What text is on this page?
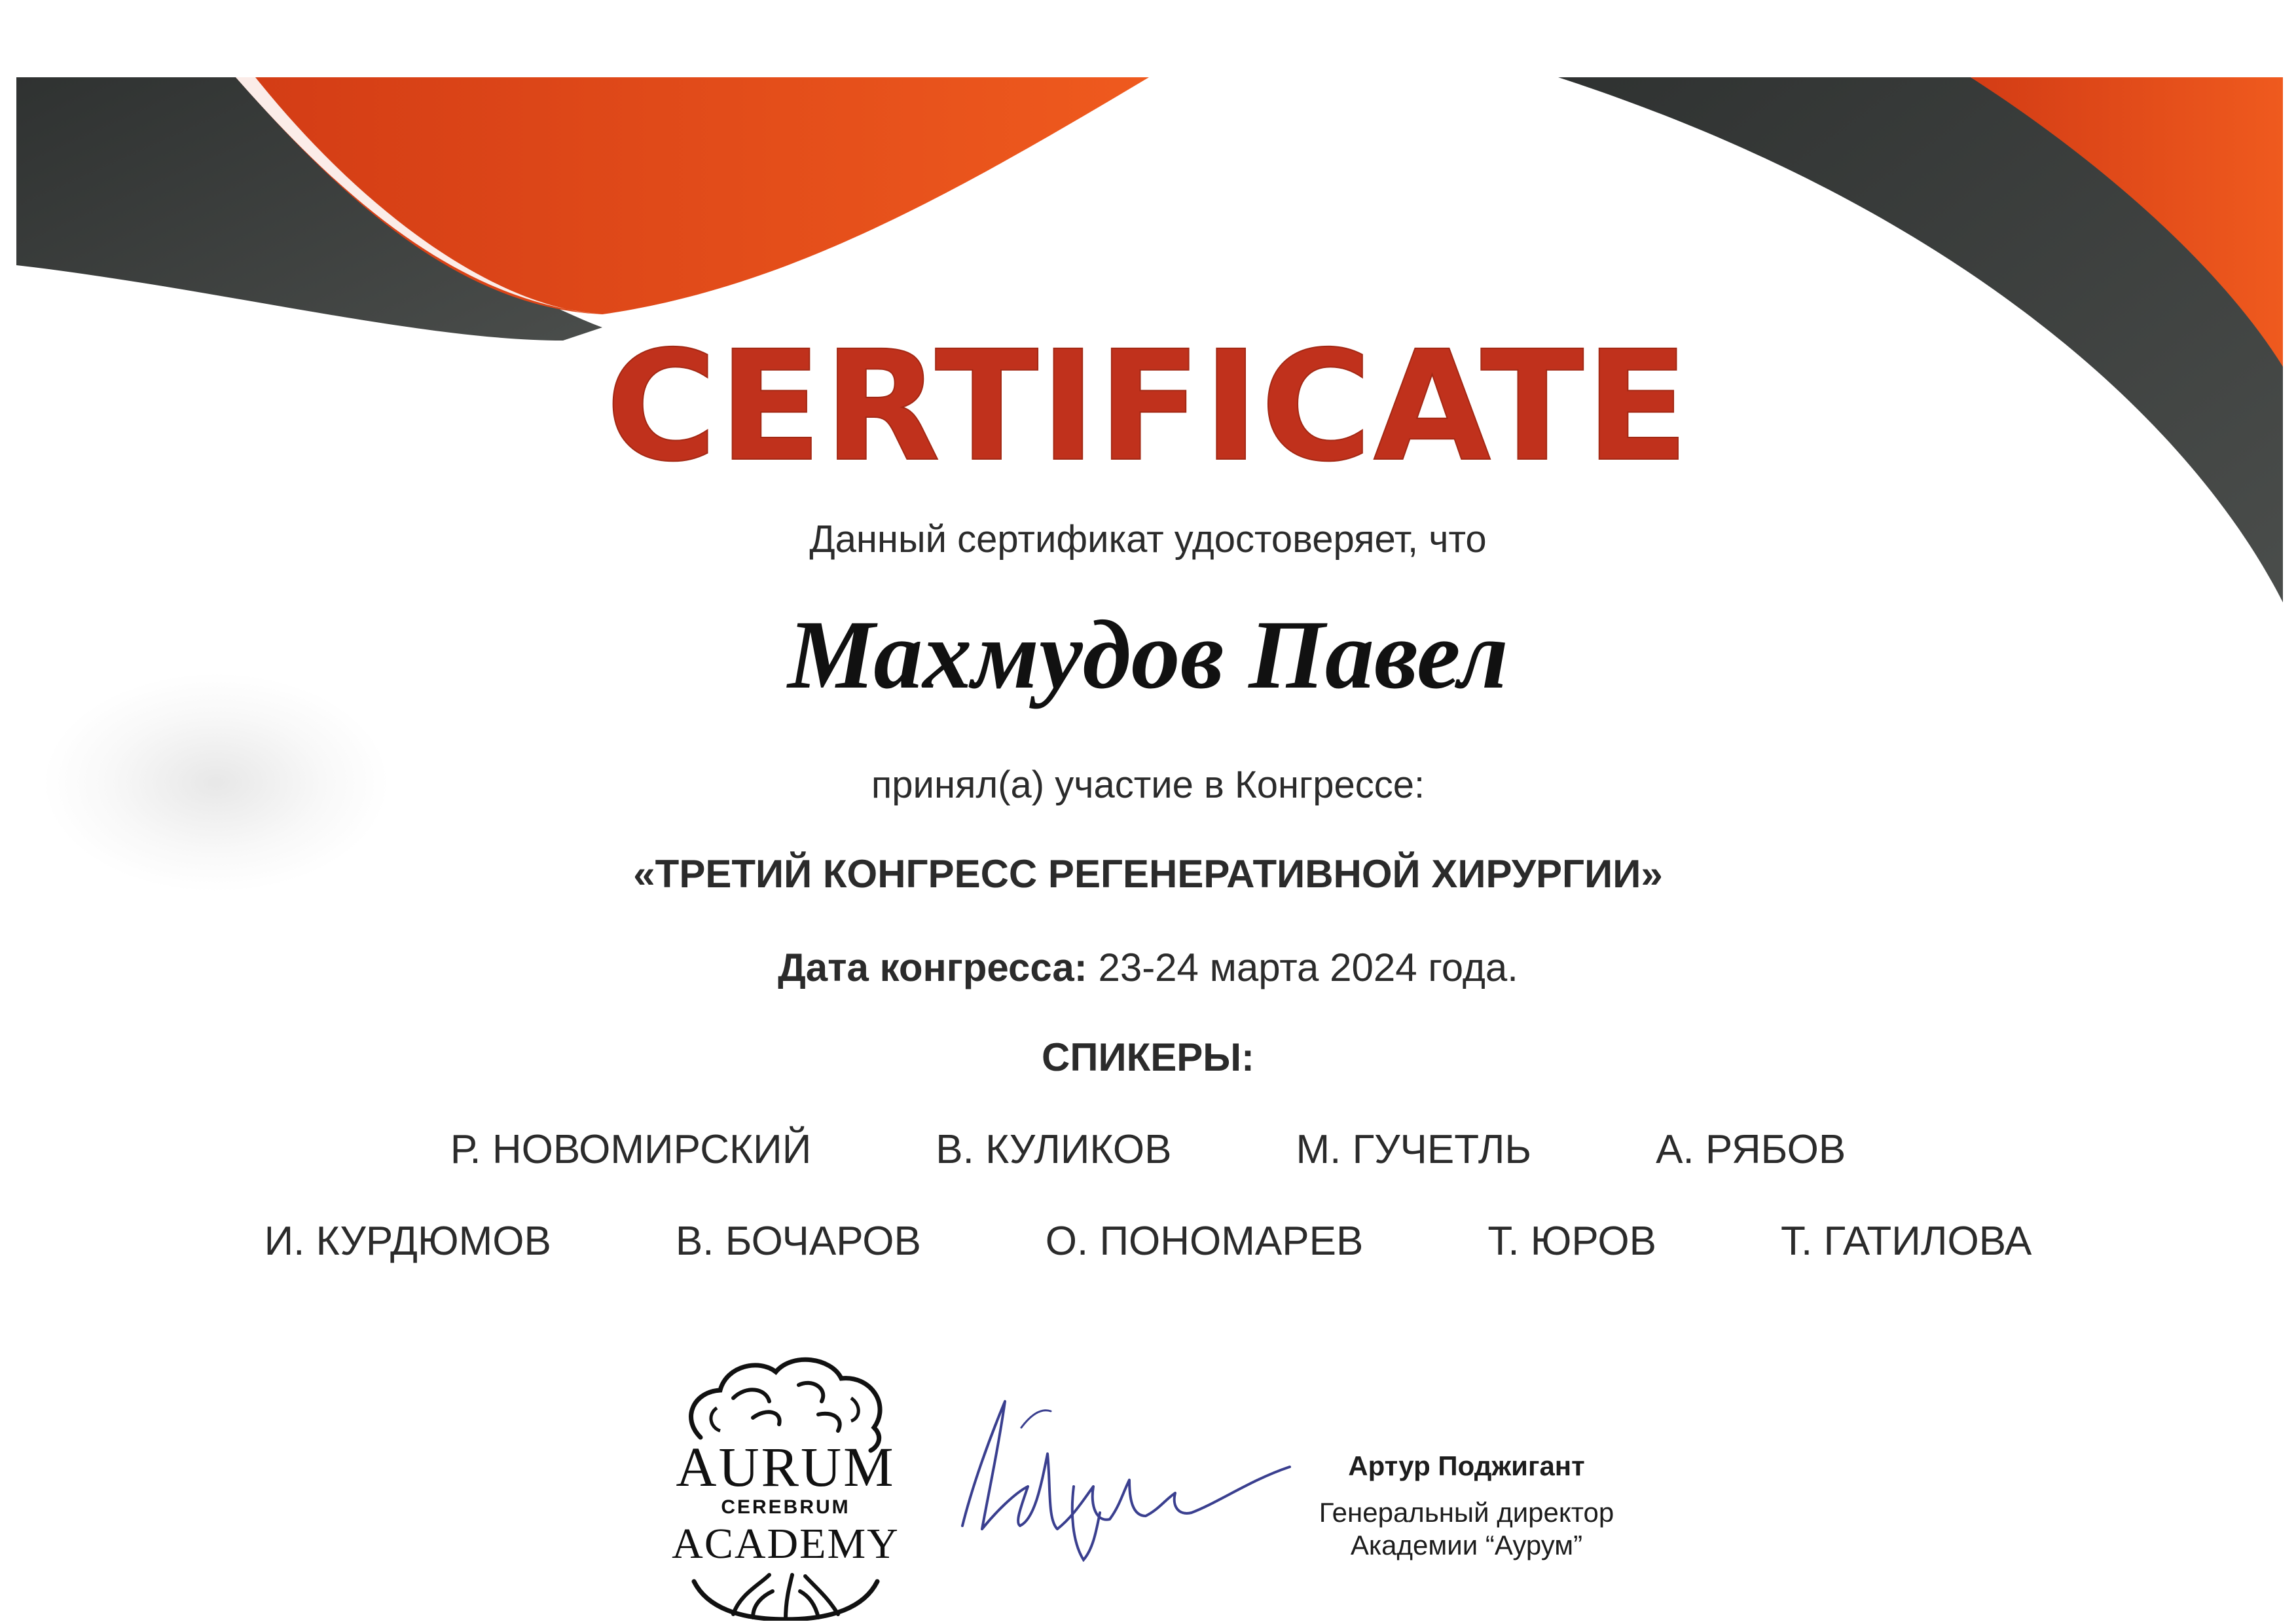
CERTIFICATE
Данный сертификат удостоверяет, что
Махмудов Павел
принял(а) участие в Конгрессе:
«ТРЕТИЙ КОНГРЕСС РЕГЕНЕРАТИВНОЙ ХИРУРГИИ»
Дата конгресса: 23-24 марта 2024 года.
СПИКЕРЫ:
Р. НОВОМИРСКИЙ	В. КУЛИКОВ	М. ГУЧЕТЛЬ	А. РЯБОВ
И. КУРДЮМОВ	В. БОЧАРОВ	О. ПОНОМАРЕВ	Т. ЮРОВ	Т. ГАТИЛОВА
AURUM
CEREBRUM
ACADEMY
Артур Поджигант
Генеральный директор
Академии “Аурум”
